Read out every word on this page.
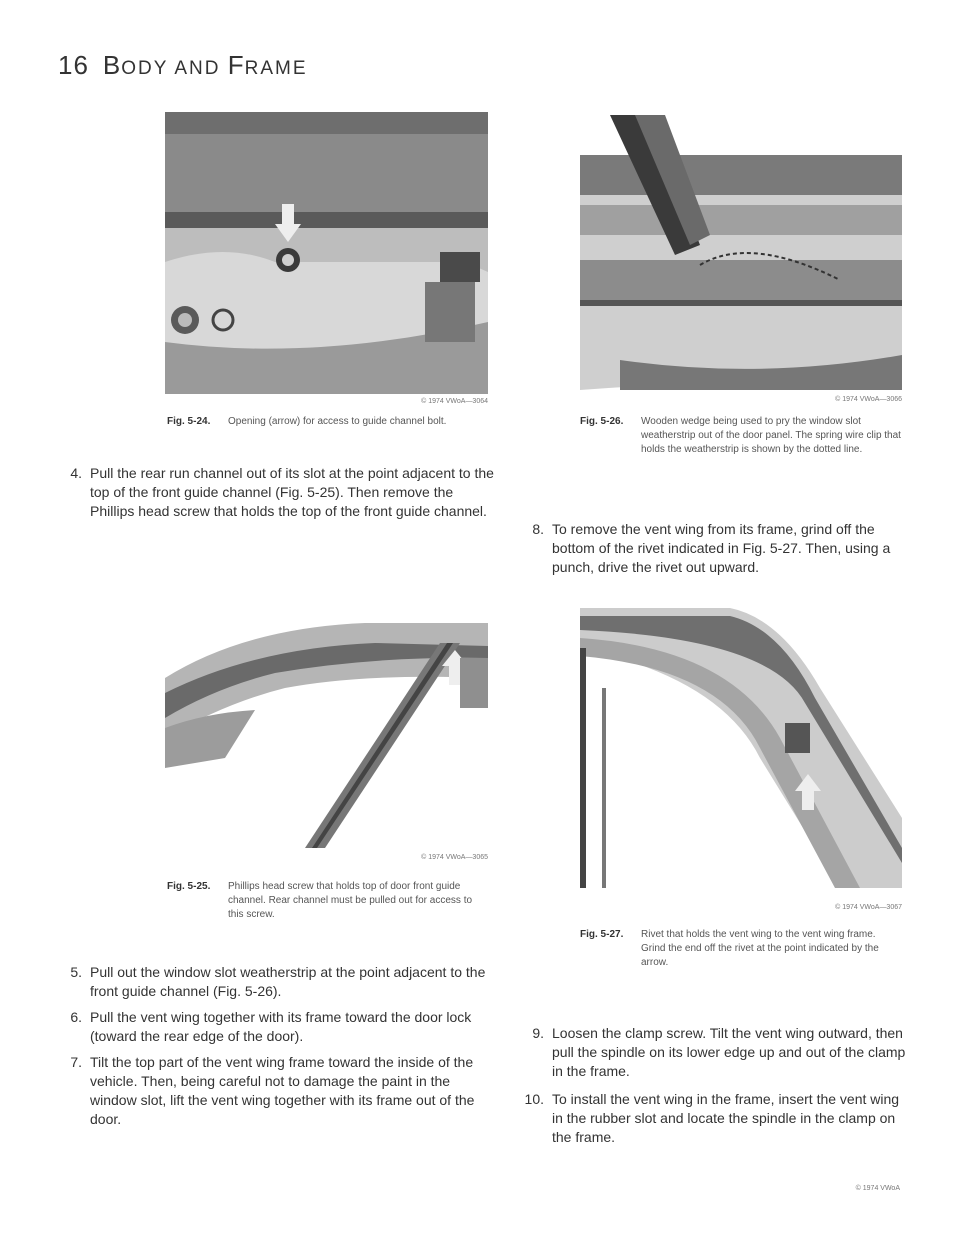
16 BODY AND FRAME
© 1974 VWoA—3064
Fig. 5-24. Opening (arrow) for access to guide channel bolt.
4. Pull the rear run channel out of its slot at the point adjacent to the top of the front guide channel (Fig. 5-25). Then remove the Phillips head screw that holds the top of the front guide channel.
© 1974 VWoA—3065
Fig. 5-25. Phillips head screw that holds top of door front guide channel. Rear channel must be pulled out for access to this screw.
5. Pull out the window slot weatherstrip at the point adjacent to the front guide channel (Fig. 5-26).
6. Pull the vent wing together with its frame toward the door lock (toward the rear edge of the door).
7. Tilt the top part of the vent wing frame toward the inside of the vehicle. Then, being careful not to damage the paint in the window slot, lift the vent wing together with its frame out of the door.
© 1974 VWoA—3066
Fig. 5-26. Wooden wedge being used to pry the window slot weatherstrip out of the door panel. The spring wire clip that holds the weatherstrip is shown by the dotted line.
8. To remove the vent wing from its frame, grind off the bottom of the rivet indicated in Fig. 5-27. Then, using a punch, drive the rivet out upward.
© 1974 VWoA—3067
Fig. 5-27. Rivet that holds the vent wing to the vent wing frame. Grind the end off the rivet at the point indicated by the arrow.
9. Loosen the clamp screw. Tilt the vent wing outward, then pull the spindle on its lower edge up and out of the clamp in the frame.
10. To install the vent wing in the frame, insert the vent wing in the rubber slot and locate the spindle in the clamp on the frame.
© 1974 VWoA
